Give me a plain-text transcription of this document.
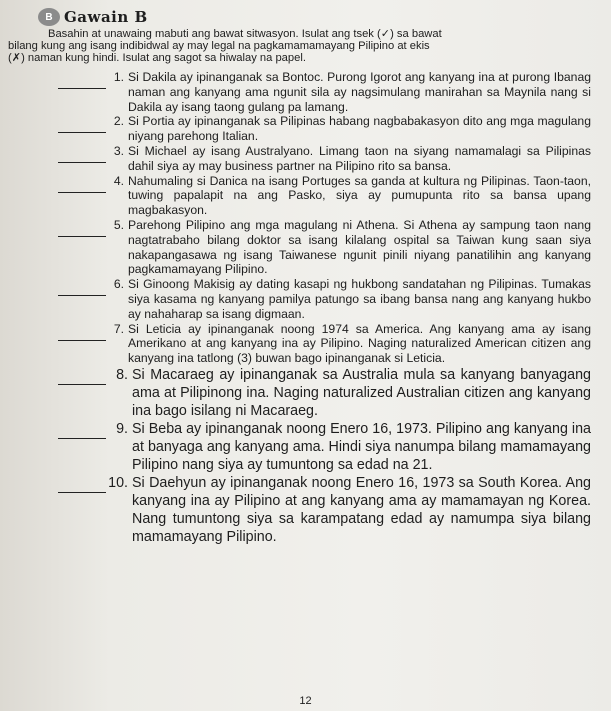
B Gawain B
Basahin at unawaing mabuti ang bawat sitwasyon. Isulat ang tsek (✓) sa bawat
bilang kung ang isang indibidwal ay may legal na pagkamamamayang Pilipino at ekis
(✗) naman kung hindi. Isulat ang sagot sa hiwalay na papel.
1. Si Dakila ay ipinanganak sa Bontoc. Purong Igorot ang kanyang ina at purong Ibanag naman ang kanyang ama ngunit sila ay nagsimulang manirahan sa Maynila nang si Dakila ay isang taong gulang pa lamang.
2. Si Portia ay ipinanganak sa Pilipinas habang nagbabakasyon dito ang mga magulang niyang parehong Italian.
3. Si Michael ay isang Australyano. Limang taon na siyang namamalagi sa Pilipinas dahil siya ay may business partner na Pilipino rito sa bansa.
4. Nahumaling si Danica na isang Portuges sa ganda at kultura ng Pilipinas. Taon-taon, tuwing papalapit na ang Pasko, siya ay pumupunta rito sa bansa upang magbakasyon.
5. Parehong Pilipino ang mga magulang ni Athena. Si Athena ay sampung taon nang nagtatrabaho bilang doktor sa isang kilalang ospital sa Taiwan kung saan siya nakapangasawa ng isang Taiwanese ngunit pinili niyang panatilihin ang kanyang pagkamamayang Pilipino.
6. Si Ginoong Makisig ay dating kasapi ng hukbong sandatahan ng Pilipinas. Tumakas siya kasama ng kanyang pamilya patungo sa ibang bansa nang ang kanyang hukbo ay nahaharap sa isang digmaan.
7. Si Leticia ay ipinanganak noong 1974 sa America. Ang kanyang ama ay isang Amerikano at ang kanyang ina ay Pilipino. Naging naturalized American citizen ang kanyang ina tatlong (3) buwan bago ipinanganak si Leticia.
8. Si Macaraeg ay ipinanganak sa Australia mula sa kanyang banyagang ama at Pilipinong ina. Naging naturalized Australian citizen ang kanyang ina bago isilang ni Macaraeg.
9. Si Beba ay ipinanganak noong Enero 16, 1973. Pilipino ang kanyang ina at banyaga ang kanyang ama. Hindi siya nanumpa bilang mamamayang Pilipino nang siya ay tumuntong sa edad na 21.
10. Si Daehyun ay ipinanganak noong Enero 16, 1973 sa South Korea. Ang kanyang ina ay Pilipino at ang kanyang ama ay mamamayan ng Korea. Nang tumuntong siya sa karampatang edad ay namumpa siya bilang mamamayang Pilipino.
12
